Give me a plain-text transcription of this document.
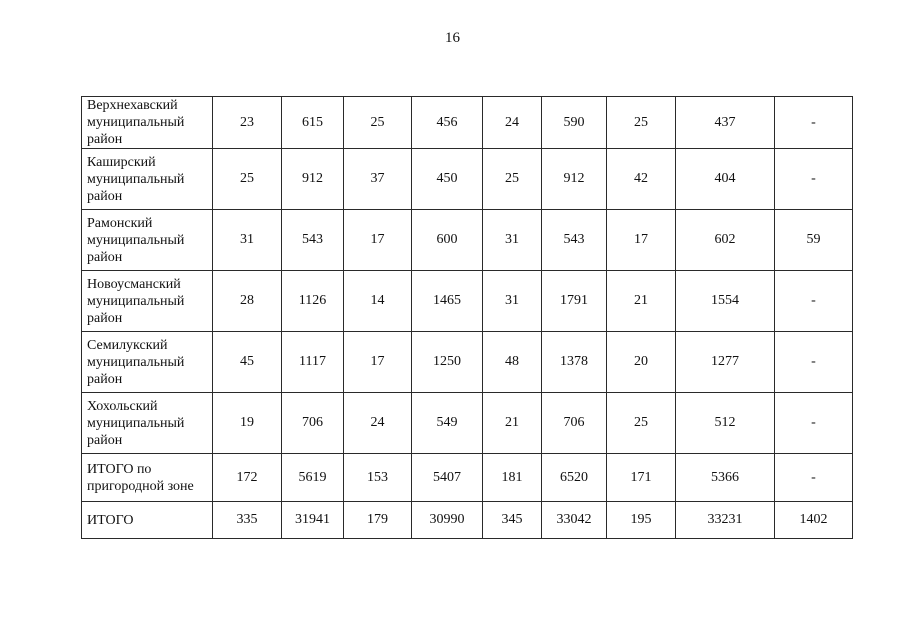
16
Верхнехавский
муниципальный
район	23	615	25	456	24	590	25	437	-

Каширский
муниципальный
район	25	912	37	450	25	912	42	404	-

Рамонский
муниципальный
район	31	543	17	600	31	543	17	602	59

Новоусманский
муниципальный
район	28	1126	14	1465	31	1791	21	1554	-

Семилукский
муниципальный
район	45	1117	17	1250	48	1378	20	1277	-

Хохольский
муниципальный
район	19	706	24	549	21	706	25	512	-

ИТОГО по
пригородной зоне	172	5619	153	5407	181	6520	171	5366	-

ИТОГО	335	31941	179	30990	345	33042	195	33231	1402
